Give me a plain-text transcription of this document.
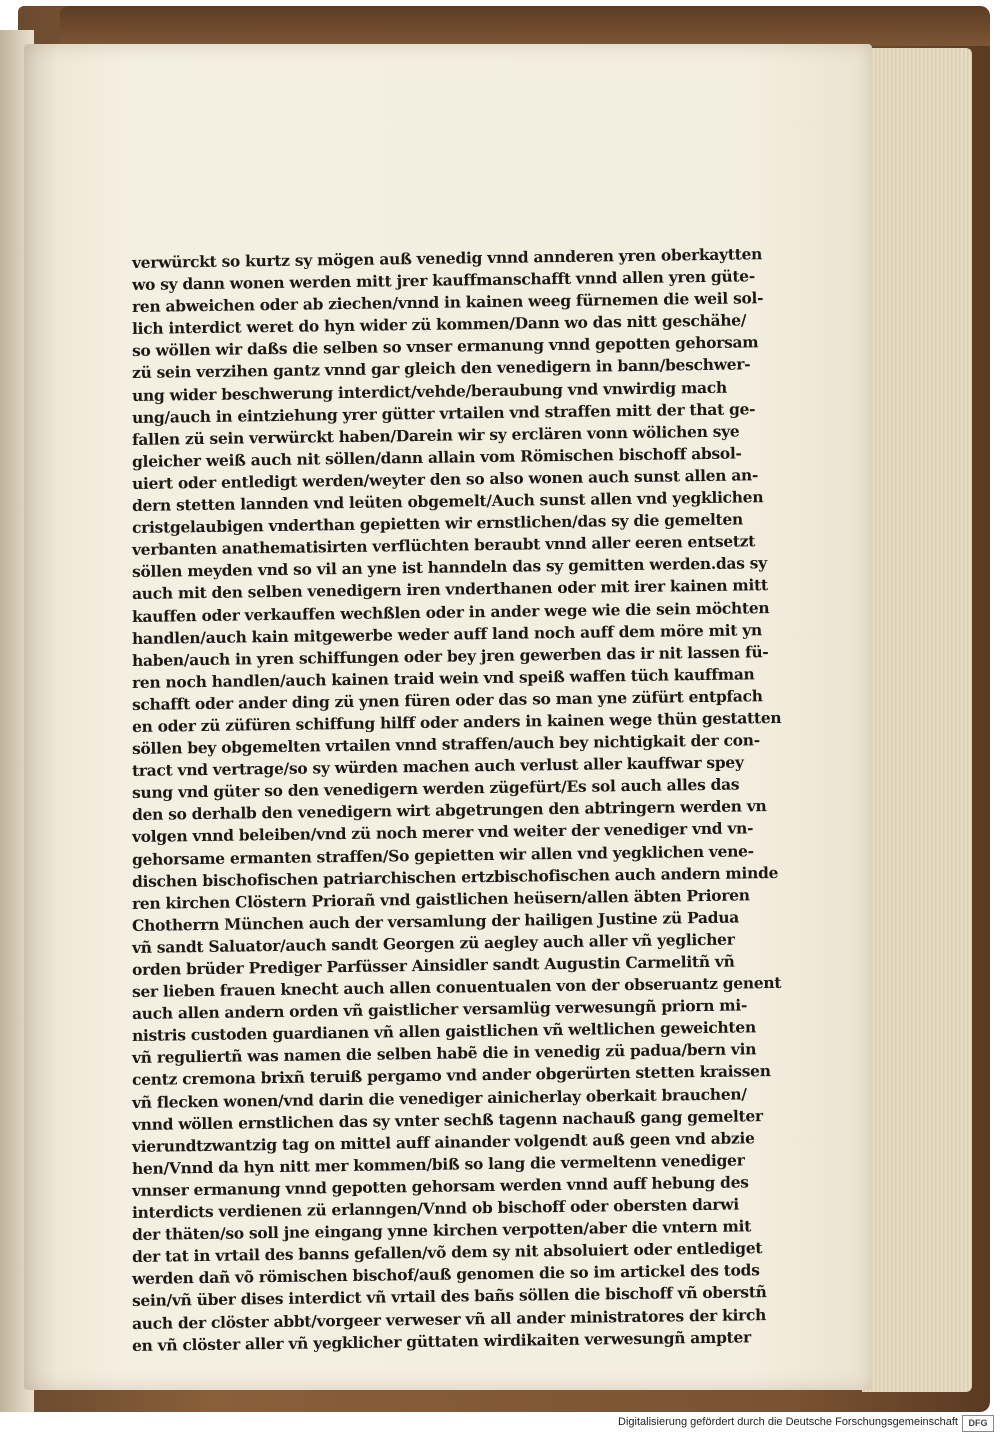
verwürckt so kurtz sy mögen auß venedig vnnd annderen yren oberkaytten
wo sy dann wonen werden mitt jrer kauffmanschafft vnnd allen yren güte-
ren abweichen oder ab ziechen/vnnd in kainen weeg fürnemen die weil sol-
lich interdict weret do hyn wider zü kommen/Dann wo das nitt geschähe/
so wöllen wir daßs die selben so vnser ermanung vnnd gepotten gehorsam
zü sein verzihen gantz vnnd gar gleich den venedigern in bann/beschwer-
ung wider beschwerung interdict/vehde/beraubung vnd vnwirdig mach
ung/auch in eintziehung yrer gütter vrtailen vnd straffen mitt der that ge-
fallen zü sein verwürckt haben/Darein wir sy erclären vonn wölichen sye
gleicher weiß auch nit söllen/dann allain vom Römischen bischoff absol-
uiert oder entledigt werden/weyter den so also wonen auch sunst allen an-
dern stetten lannden vnd leüten obgemelt/Auch sunst allen vnd yegklichen
cristgelaubigen vnderthan gepietten wir ernstlichen/das sy die gemelten
verbanten anathematisirten verflüchten beraubt vnnd aller eeren entsetzt
söllen meyden vnd so vil an yne ist hanndeln das sy gemitten werden.das sy
auch mit den selben venedigern iren vnderthanen oder mit irer kainen mitt
kauffen oder verkauffen wechßlen oder in ander wege wie die sein möchten
handlen/auch kain mitgewerbe weder auff land noch auff dem möre mit yn
haben/auch in yren schiffungen oder bey jren gewerben das ir nit lassen fü-
ren noch handlen/auch kainen traid wein vnd speiß waffen tüch kauffman
schafft oder ander ding zü ynen füren oder das so man yne züfürt entpfach
en oder zü züfüren schiffung hilff oder anders in kainen wege thün gestatten
söllen bey obgemelten vrtailen vnnd straffen/auch bey nichtigkait der con-
tract vnd vertrage/so sy würden machen auch verlust aller kauffwar spey
sung vnd güter so den venedigern werden zügefürt/Es sol auch alles das
den so derhalb den venedigern wirt abgetrungen den abtringern werden vn
volgen vnnd beleiben/vnd zü noch merer vnd weiter der venediger vnd vn-
gehorsame ermanten straffen/So gepietten wir allen vnd yegklichen vene-
dischen bischofischen patriarchischen ertzbischofischen auch andern minde
ren kirchen Clöstern Priorañ vnd gaistlichen heüsern/allen äbten Prioren
Chotherrn München auch der versamlung der hailigen Justine zü Padua
vñ sandt Saluator/auch sandt Georgen zü aegley auch aller vñ yeglicher
orden brüder Prediger Parfüsser Ainsidler sandt Augustin Carmelitñ vñ
ser lieben frauen knecht auch allen conuentualen von der obseruantz genent
auch allen andern orden vñ gaistlicher versamlüg verwesungñ priorn mi-
nistris custoden guardianen vñ allen gaistlichen vñ weltlichen geweichten
vñ reguliertñ was namen die selben habẽ die in venedig zü padua/bern vin
centz cremona brixñ teruiß pergamo vnd ander obgerürten stetten kraissen
vñ flecken wonen/vnd darin die venediger ainicherlay oberkait brauchen/
vnnd wöllen ernstlichen das sy vnter sechß tagenn nachauß gang gemelter
vierundtzwantzig tag on mittel auff ainander volgendt auß geen vnd abzie
hen/Vnnd da hyn nitt mer kommen/biß so lang die vermeltenn venediger
vnnser ermanung vnnd gepotten gehorsam werden vnnd auff hebung des
interdicts verdienen zü erlanngen/Vnnd ob bischoff oder obersten darwi
der thäten/so soll jne eingang ynne kirchen verpotten/aber die vntern mit
der tat in vrtail des banns gefallen/võ dem sy nit absoluiert oder entlediget
werden dañ võ römischen bischof/auß genomen die so im artickel des tods
sein/vñ über dises interdict vñ vrtail des bañs söllen die bischoff vñ oberstñ
auch der clöster abbt/vorgeer verweser vñ all ander ministratores der kirch
en vñ clöster aller vñ yegklicher güttaten wirdikaiten verwesungñ ampter
Digitalisierung gefördert durch die Deutsche Forschungsgemeinschaft	DFG
